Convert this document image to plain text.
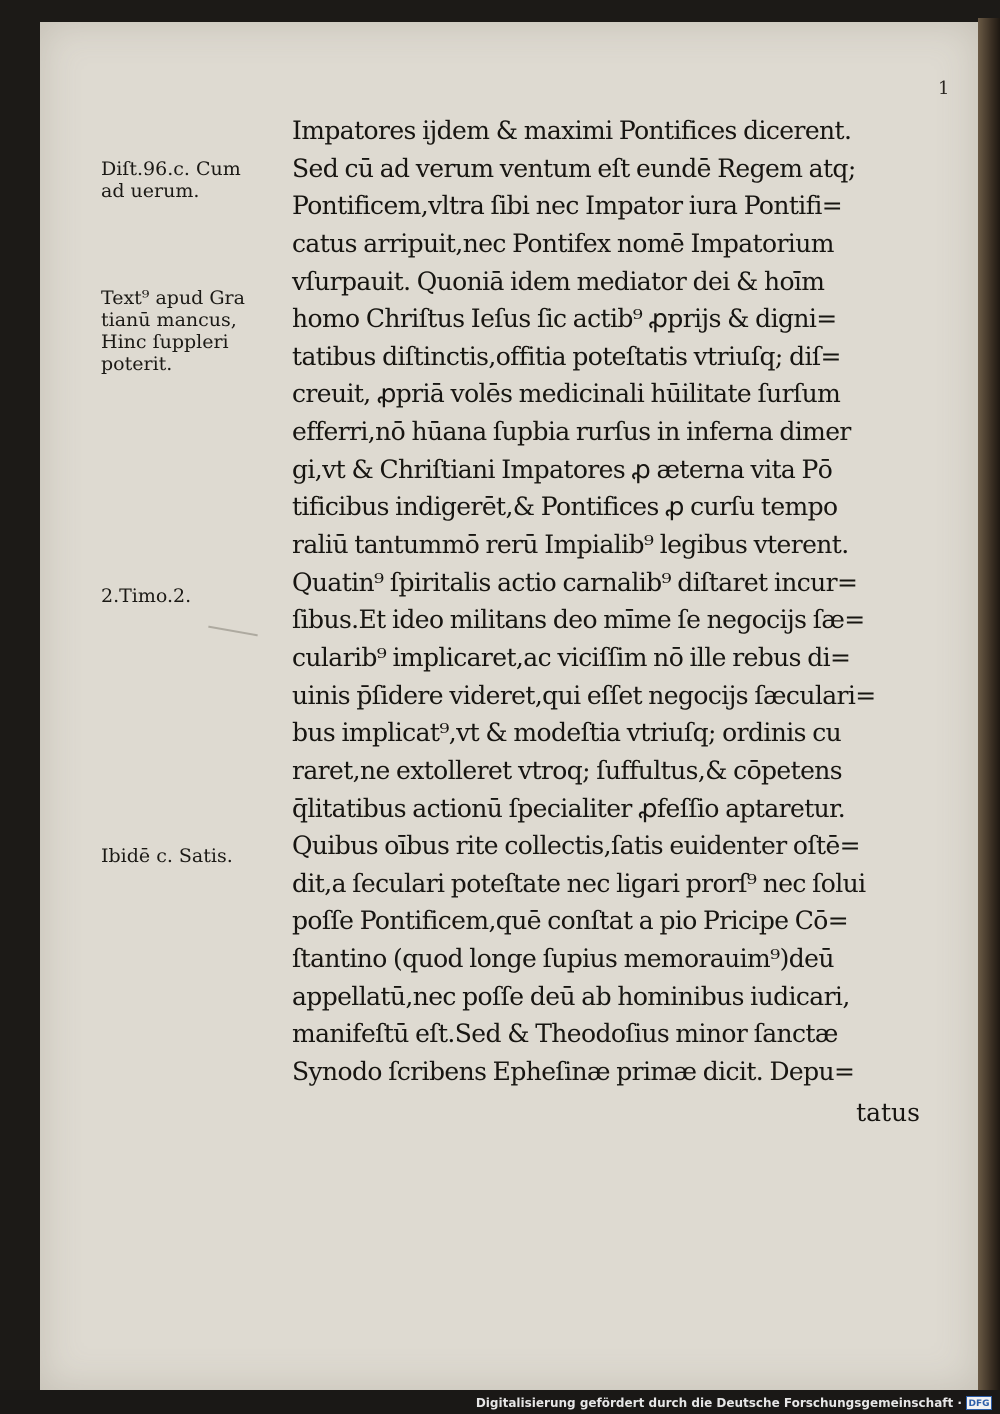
1
Diſt.96.c. Cum
ad uerum.
Text⁹ apud Gra
tianū mancus,
Hinc ſuppleri
poterit.
2.Timo.2.
Ibidē c. Satis.
Impatores ijdem & maximi Pontifices dicerent.
Sed cū ad verum ventum eſt eundē Regem atq;
Pontificem,vltra ſibi nec Impator iura Pontifi=
catus arripuit,nec Pontifex nomē Impatorium
vſurpauit. Quoniā idem mediator dei & hoīm
homo Chriſtus Ieſus ſic actib⁹ ꝓprijs & digni=
tatibus diſtinctis,offitia poteſtatis vtriuſq; diſ=
creuit, ꝓpriā volēs medicinali hūilitate ſurſum
efferri,nō hūana ſupbia rurſus in inferna dimer
gi,vt & Chriſtiani Impatores ꝓ æterna vita Pō
tificibus indigerēt,& Pontifices ꝓ curſu tempo
raliū tantummō rerū Impialib⁹ legibus vterent.
Quatin⁹ ſpiritalis actio carnalib⁹ diſtaret incur=
ſibus.Et ideo militans deo mīme ſe negocijs ſæ=
cularib⁹ implicaret,ac viciſſim nō ille rebus di=
uinis p̄ſidere videret,qui eſſet negocijs ſæculari=
bus implicat⁹,vt & modeſtia vtriuſq; ordinis cu
raret,ne extolleret vtroq; ſuffultus,& cōpetens
q̄litatibus actionū ſpecialiter ꝓfeſſio aptaretur.
Quibus oībus rite collectis,ſatis euidenter oſtē=
dit,a ſeculari poteſtate nec ligari prorſ⁹ nec ſolui
poſſe Pontificem,quē conſtat a pio Pricipe Cō=
ſtantino (quod longe ſupius memorauim⁹)deū
appellatū,nec poſſe deū ab hominibus iudicari,
manifeſtū eſt.Sed & Theodoſius minor ſanctæ
Synodo ſcribens Epheſinæ primæ dicit. Depu=
tatus
Digitalisierung gefördert durch die Deutsche Forschungsgemeinschaft · DFG
